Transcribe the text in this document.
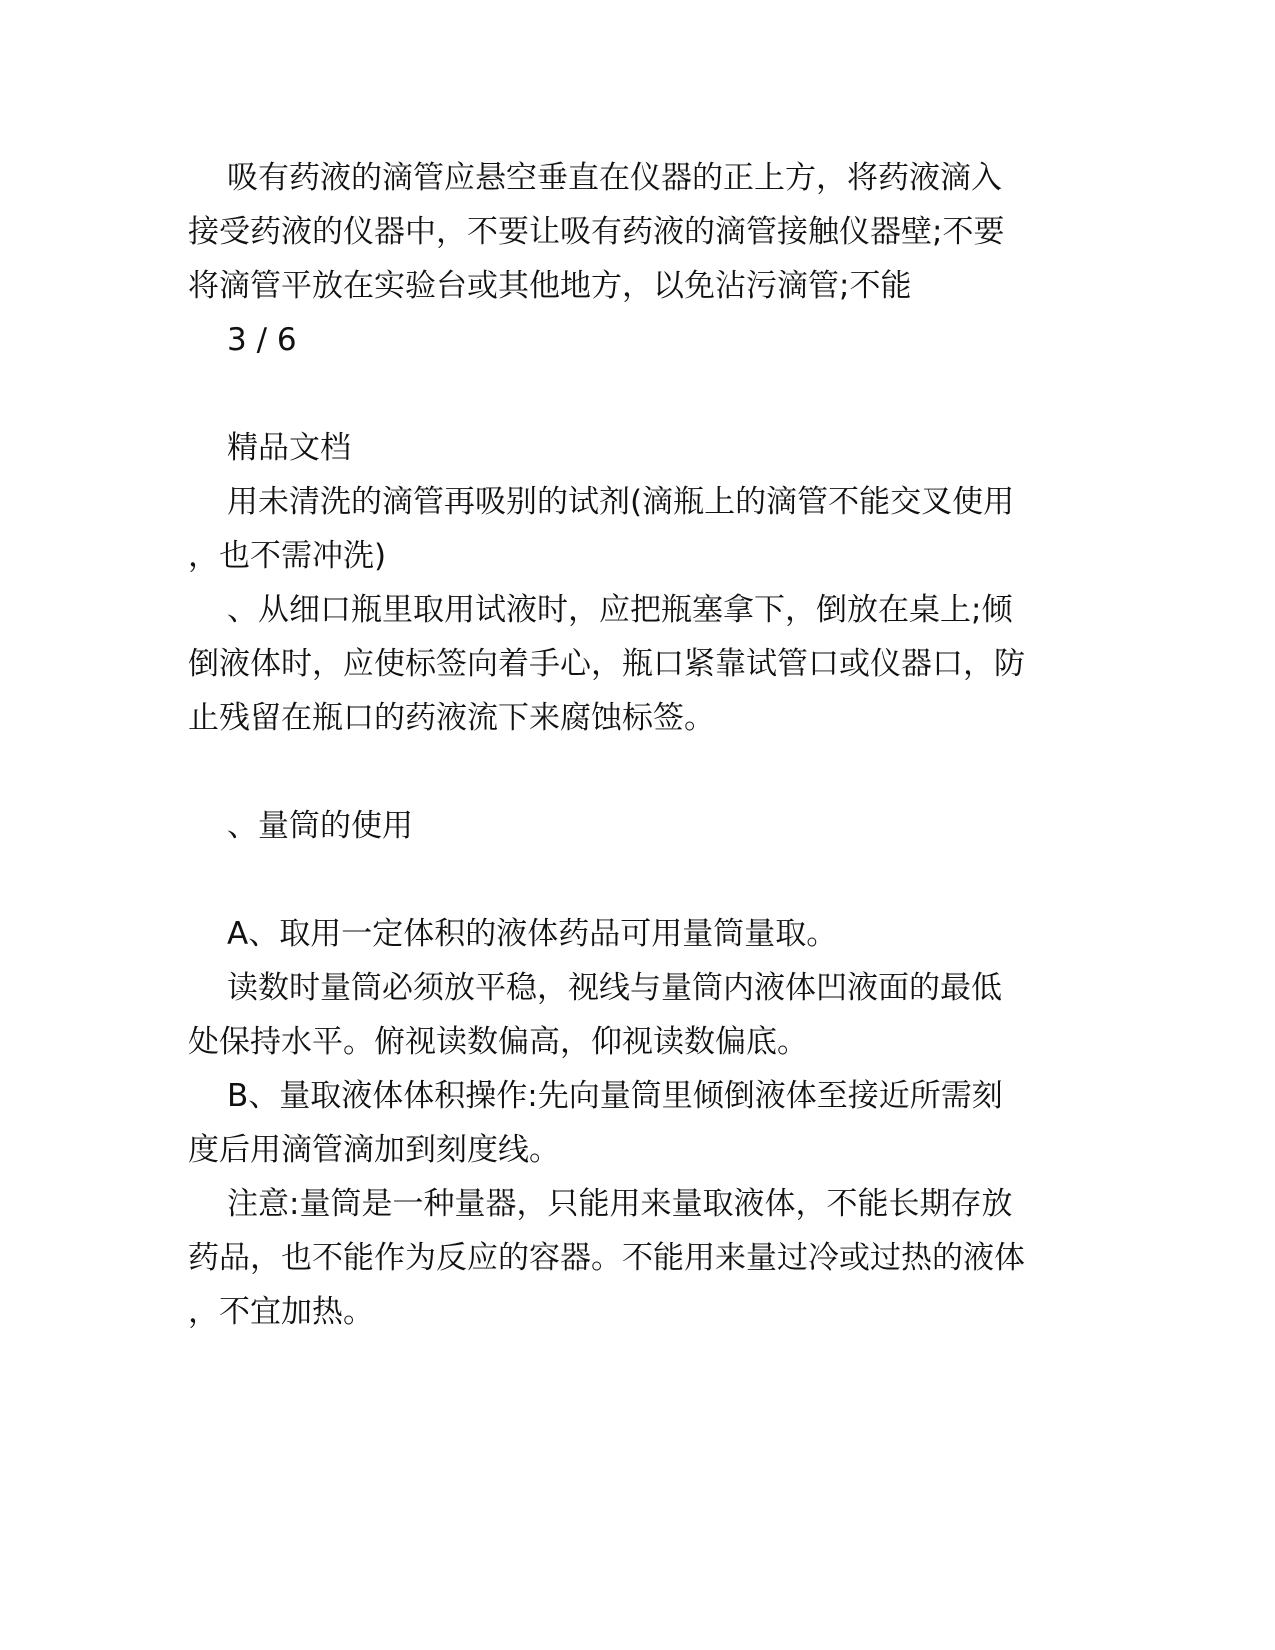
吸有药液的滴管应悬空垂直在仪器的正上方，将药液滴入
接受药液的仪器中，不要让吸有药液的滴管接触仪器壁;不要
将滴管平放在实验台或其他地方，以免沾污滴管;不能
3 / 6
精品文档
用未清洗的滴管再吸别的试剂(滴瓶上的滴管不能交叉使用
，也不需冲洗)
、从细口瓶里取用试液时，应把瓶塞拿下，倒放在桌上;倾
倒液体时，应使标签向着手心，瓶口紧靠试管口或仪器口，防
止残留在瓶口的药液流下来腐蚀标签。
、量筒的使用
A、取用一定体积的液体药品可用量筒量取。
读数时量筒必须放平稳，视线与量筒内液体凹液面的最低
处保持水平。俯视读数偏高，仰视读数偏底。
B、量取液体体积操作:先向量筒里倾倒液体至接近所需刻
度后用滴管滴加到刻度线。
注意:量筒是一种量器，只能用来量取液体，不能长期存放
药品，也不能作为反应的容器。不能用来量过冷或过热的液体
，不宜加热。
